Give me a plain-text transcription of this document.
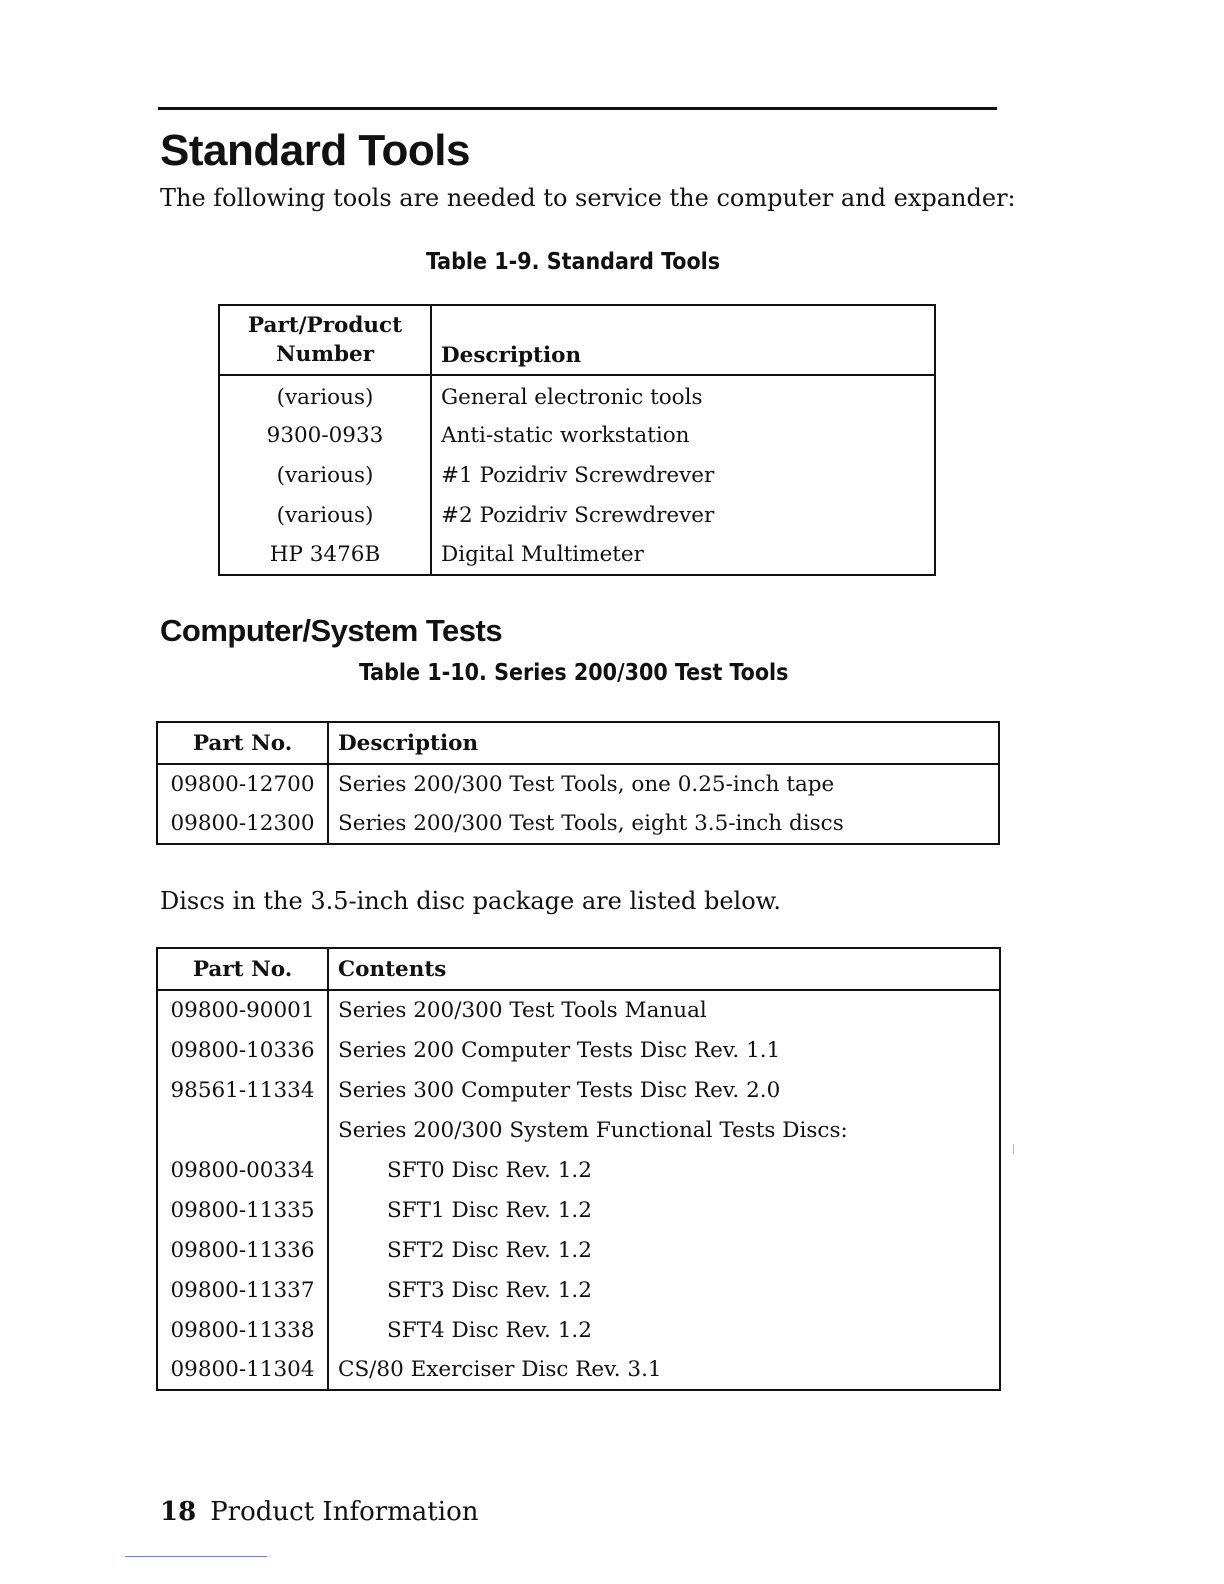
Standard Tools

The following tools are needed to service the computer and expander:

Table 1-9. Standard Tools

Part/Product
Number	Description
(various)	General electronic tools
9300-0933	Anti-static workstation
(various)	#1 Pozidriv Screwdrever
(various)	#2 Pozidriv Screwdrever
HP 3476B	Digital Multimeter
Computer/System Tests

Table 1-10. Series 200/300 Test Tools

Part No.	Description
09800-12700	Series 200/300 Test Tools, one 0.25-inch tape
09800-12300	Series 200/300 Test Tools, eight 3.5-inch discs

Discs in the 3.5-inch disc package are listed below.

Part No.	Contents
09800-90001	Series 200/300 Test Tools Manual
09800-10336	Series 200 Computer Tests Disc Rev. 1.1
98561-11334	Series 300 Computer Tests Disc Rev. 2.0
	Series 200/300 System Functional Tests Discs:
09800-00334	SFT0 Disc Rev. 1.2
09800-11335	SFT1 Disc Rev. 1.2
09800-11336	SFT2 Disc Rev. 1.2
09800-11337	SFT3 Disc Rev. 1.2
09800-11338	SFT4 Disc Rev. 1.2
09800-11304	CS/80 Exerciser Disc Rev. 3.1

18 Product Information
